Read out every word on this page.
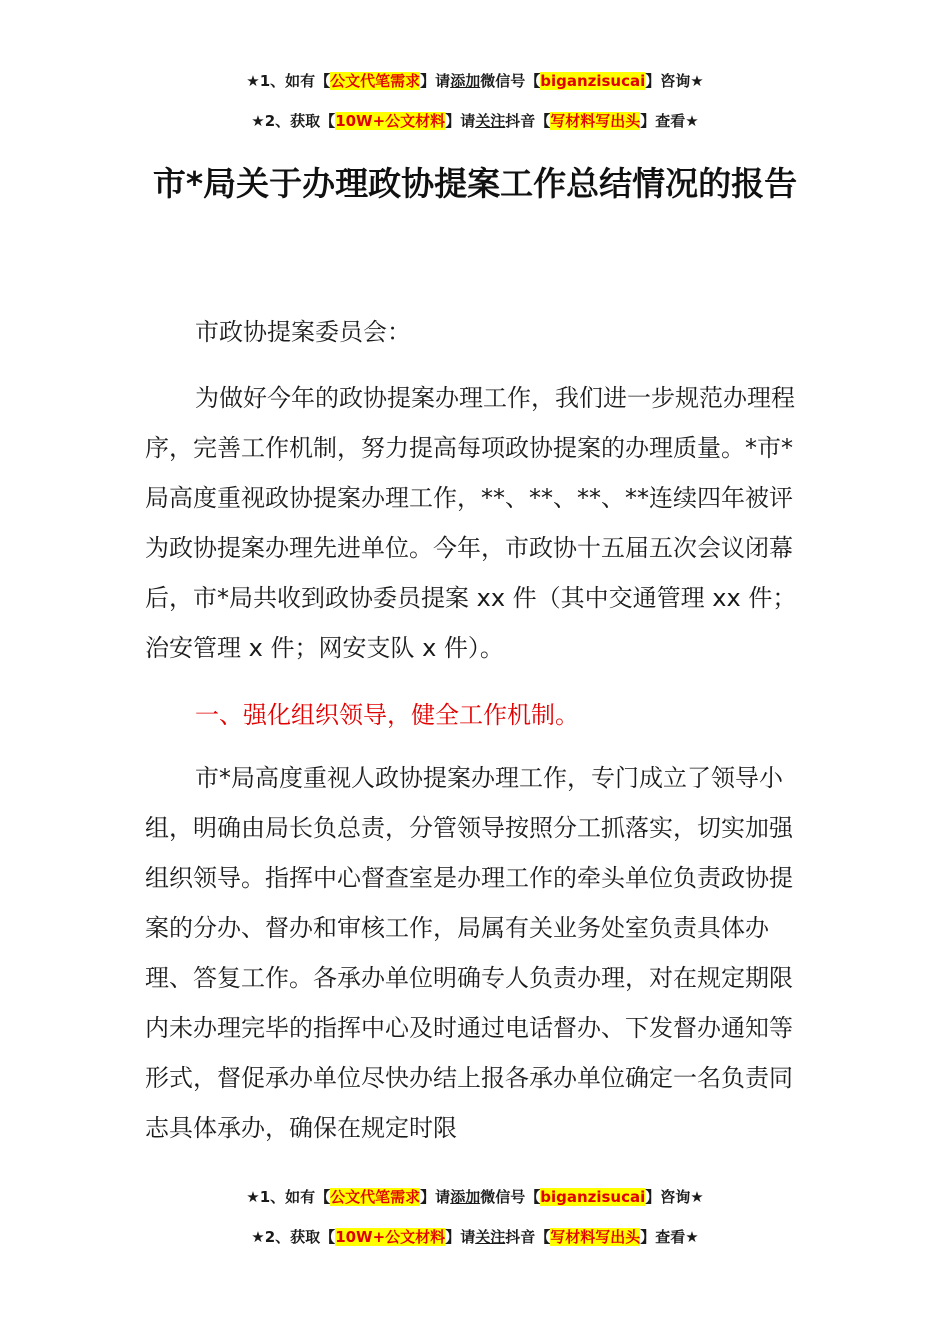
★1、如有【公文代笔需求】请添加微信号【biganzisucai】咨询★
★2、获取【10W+公文材料】请关注抖音【写材料写出头】查看★
市*局关于办理政协提案工作总结情况的报告
市政协提案委员会：
为做好今年的政协提案办理工作，我们进一步规范办理程序，完善工作机制，努力提高每项政协提案的办理质量。*市*局高度重视政协提案办理工作，**、**、**、**连续四年被评为政协提案办理先进单位。今年，市政协十五届五次会议闭幕后，市*局共收到政协委员提案 xx 件（其中交通管理 xx 件；治安管理 x 件；网安支队 x 件）。
一、强化组织领导，健全工作机制。
市*局高度重视人政协提案办理工作，专门成立了领导小组，明确由局长负总责，分管领导按照分工抓落实，切实加强组织领导。指挥中心督查室是办理工作的牵头单位负责政协提案的分办、督办和审核工作，局属有关业务处室负责具体办理、答复工作。各承办单位明确专人负责办理，对在规定期限内未办理完毕的指挥中心及时通过电话督办、下发督办通知等形式，督促承办单位尽快办结上报各承办单位确定一名负责同志具体承办，确保在规定时限
★1、如有【公文代笔需求】请添加微信号【biganzisucai】咨询★
★2、获取【10W+公文材料】请关注抖音【写材料写出头】查看★
